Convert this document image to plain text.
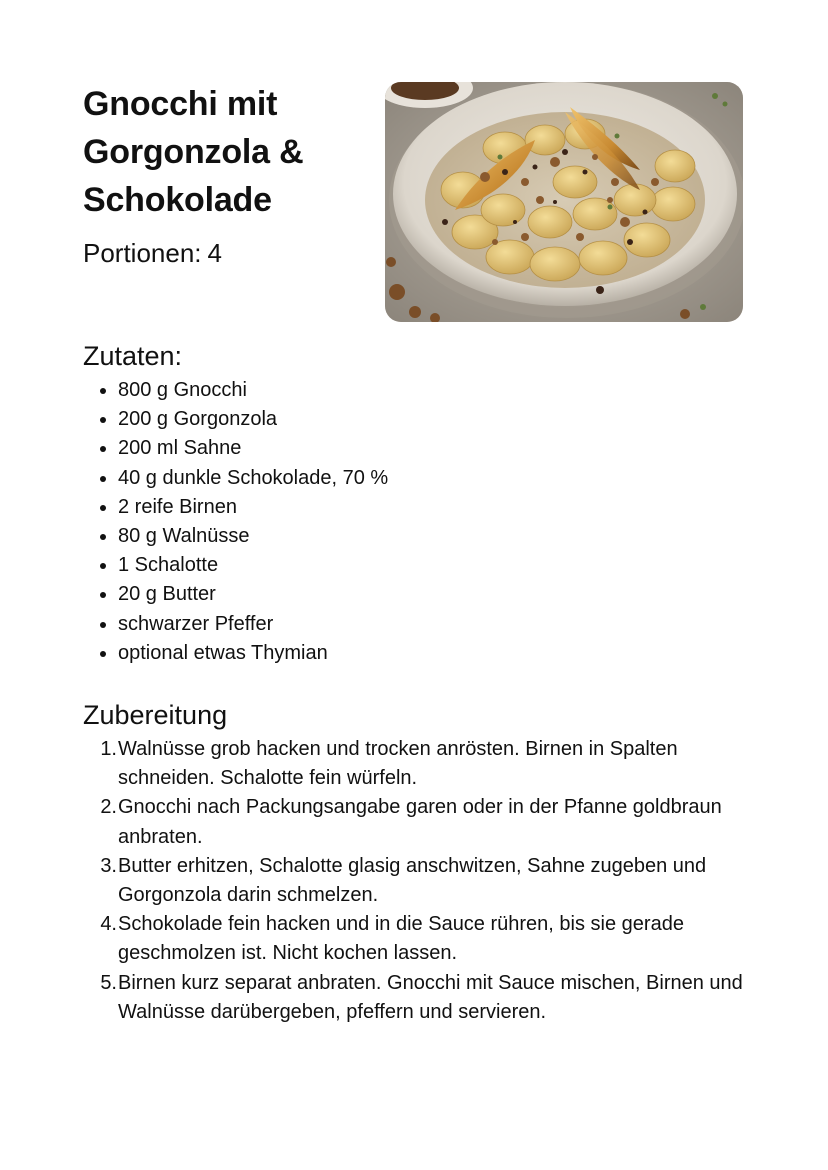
Gnocchi mit Gorgonzola & Schokolade

Portionen: 4

Zutaten:
800 g Gnocchi
200 g Gorgonzola
200 ml Sahne
40 g dunkle Schokolade, 70 %
2 reife Birnen
80 g Walnüsse
1 Schalotte
20 g Butter
schwarzer Pfeffer
optional etwas Thymian
Zubereitung
1. Walnüsse grob hacken und trocken anrösten. Birnen in Spalten schneiden. Schalotte fein würfeln.
2. Gnocchi nach Packungsangabe garen oder in der Pfanne goldbraun anbraten.
3. Butter erhitzen, Schalotte glasig anschwitzen, Sahne zugeben und Gorgonzola darin schmelzen.
4. Schokolade fein hacken und in die Sauce rühren, bis sie gerade geschmolzen ist. Nicht kochen lassen.
5. Birnen kurz separat anbraten. Gnocchi mit Sauce mischen, Birnen und Walnüsse darübergeben, pfeffern und servieren.
